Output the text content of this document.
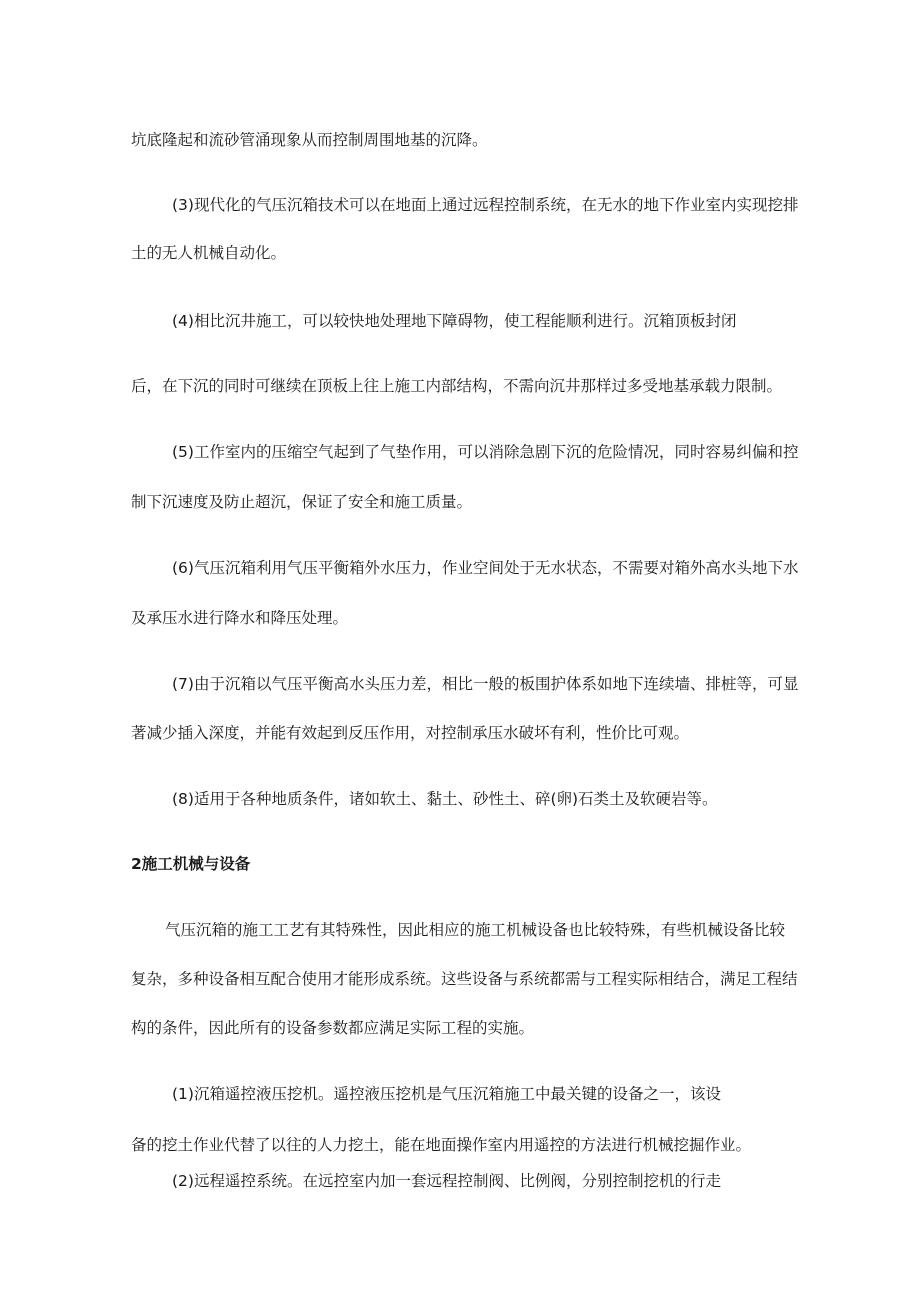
坑底隆起和流砂管涌现象从而控制周围地基的沉降。
(3)现代化的气压沉箱技术可以在地面上通过远程控制系统，在无水的地下作业室内实现挖排
土的无人机械自动化。
(4)相比沉井施工，可以较快地处理地下障碍物，使工程能顺利进行。沉箱顶板封闭
后，在下沉的同时可继续在顶板上往上施工内部结构，不需向沉井那样过多受地基承载力限制。
(5)工作室内的压缩空气起到了气垫作用，可以消除急剧下沉的危险情况，同时容易纠偏和控
制下沉速度及防止超沉，保证了安全和施工质量。
(6)气压沉箱利用气压平衡箱外水压力，作业空间处于无水状态，不需要对箱外高水头地下水
及承压水进行降水和降压处理。
(7)由于沉箱以气压平衡高水头压力差，相比一般的板围护体系如地下连续墙、排桩等，可显
著减少插入深度，并能有效起到反压作用，对控制承压水破坏有利，性价比可观。
(8)适用于各种地质条件，诸如软土、黏土、砂性土、碎(卵)石类土及软硬岩等。
2施工机械与设备
气压沉箱的施工工艺有其特殊性，因此相应的施工机械设备也比较特殊，有些机械设备比较
复杂，多种设备相互配合使用才能形成系统。这些设备与系统都需与工程实际相结合，满足工程结
构的条件，因此所有的设备参数都应满足实际工程的实施。
(1)沉箱遥控液压挖机。遥控液压挖机是气压沉箱施工中最关键的设备之一，该设
备的挖土作业代替了以往的人力挖土，能在地面操作室内用遥控的方法进行机械挖掘作业。
(2)远程遥控系统。在远控室内加一套远程控制阀、比例阀，分别控制挖机的行走
